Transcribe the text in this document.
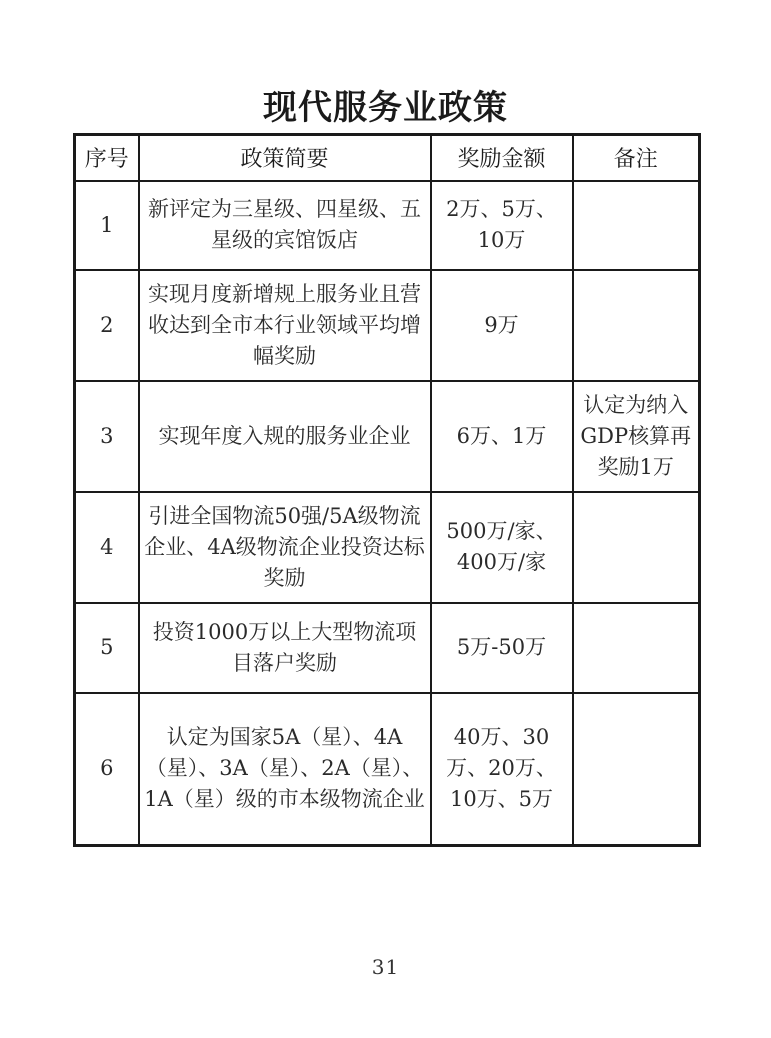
现代服务业政策
序号	政策简要	奖励金额	备注
1	新评定为三星级、四星级、五星级的宾馆饭店	2万、5万、10万	
2	实现月度新增规上服务业且营收达到全市本行业领域平均增幅奖励	9万	
3	实现年度入规的服务业企业	6万、1万	认定为纳入GDP核算再奖励1万
4	引进全国物流50强/5A级物流企业、4A级物流企业投资达标奖励	500万/家、400万/家	
5	投资1000万以上大型物流项目落户奖励	5万-50万	
6	认定为国家5A（星）、4A（星）、3A（星）、2A（星）、1A（星）级的市本级物流企业	40万、30万、20万、10万、5万	
31
